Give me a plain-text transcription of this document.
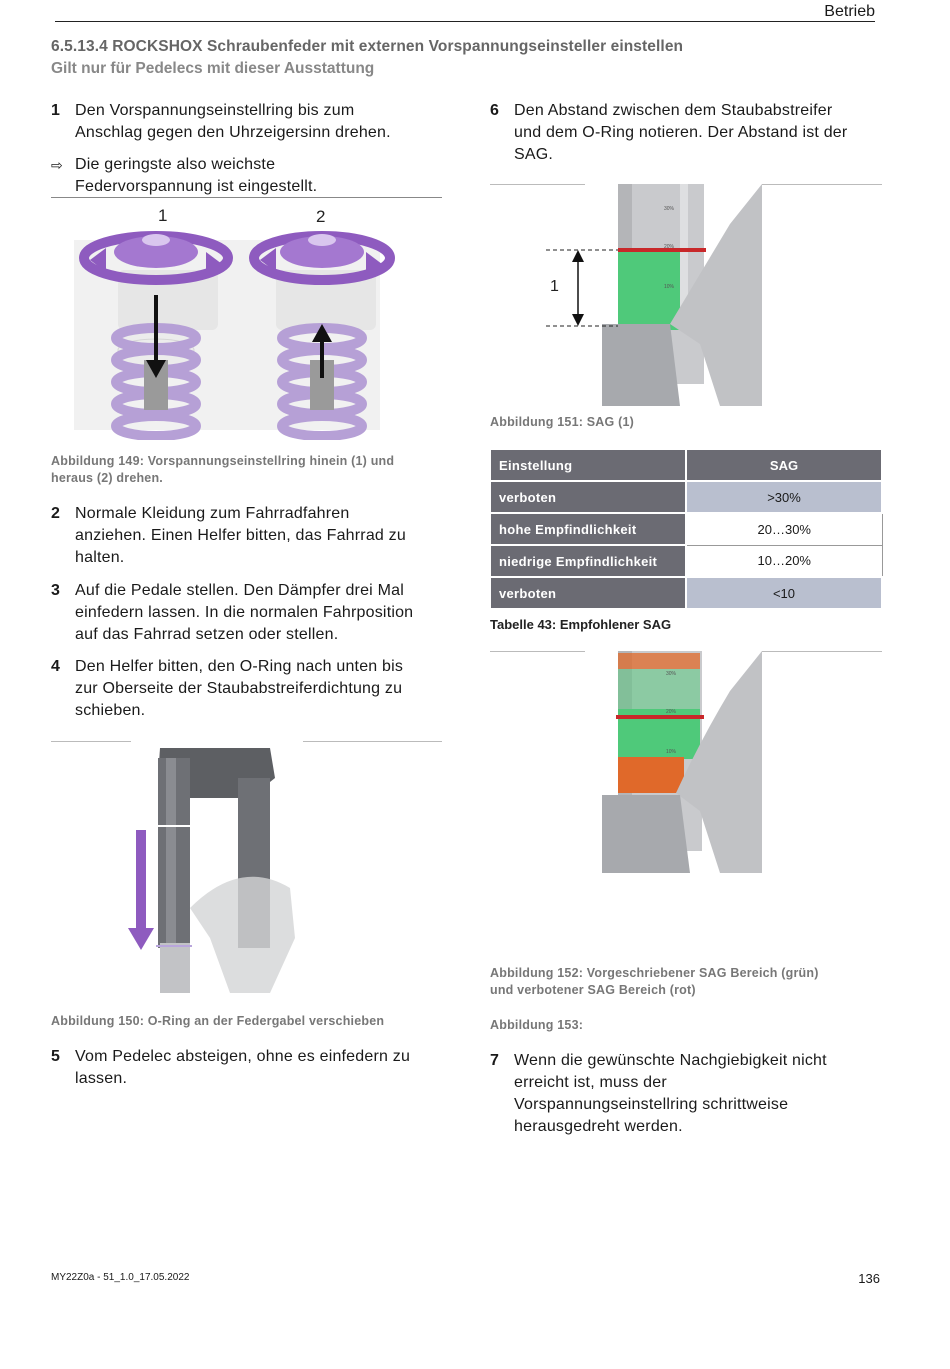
Betrieb
6.5.13.4 ROCKSHOX Schraubenfeder mit externen Vorspannungseinsteller einstellen
Gilt nur für Pedelecs mit dieser Ausstattung
1 Den Vorspannungseinstellring bis zum
Anschlag gegen den Uhrzeigersinn drehen.
⇨ Die geringste also weichste
Federvorspannung ist eingestellt.
1	2
Abbildung 149: Vorspannungseinstellring hinein (1) und
heraus (2) drehen.
2 Normale Kleidung zum Fahrradfahren
anziehen. Einen Helfer bitten, das Fahrrad zu
halten.
3 Auf die Pedale stellen. Den Dämpfer drei Mal
einfedern lassen. In die normalen Fahrposition
auf das Fahrrad setzen oder stellen.
4 Den Helfer bitten, den O-Ring nach unten bis
zur Oberseite der Staubabstreiferdichtung zu
schieben.
Abbildung 150: O-Ring an der Federgabel verschieben
5 Vom Pedelec absteigen, ohne es einfedern zu
lassen.
6 Den Abstand zwischen dem Staubabstreifer
und dem O-Ring notieren. Der Abstand ist der
SAG.
1
30%
20%
10%
Abbildung 151: SAG (1)
Einstellung	SAG
verboten	>30%
hohe Empfindlichkeit	20…30%
niedrige Empfindlichkeit	10…20%
verboten	<10
Tabelle 43: Empfohlener SAG
30%
20%
10%
Abbildung 152: Vorgeschriebener SAG Bereich (grün)
und verbotener SAG Bereich (rot)
Abbildung 153:
7 Wenn die gewünschte Nachgiebigkeit nicht
erreicht ist, muss der
Vorspannungseinstellring schrittweise
herausgedreht werden.
MY22Z0a - 51_1.0_17.05.2022	136
